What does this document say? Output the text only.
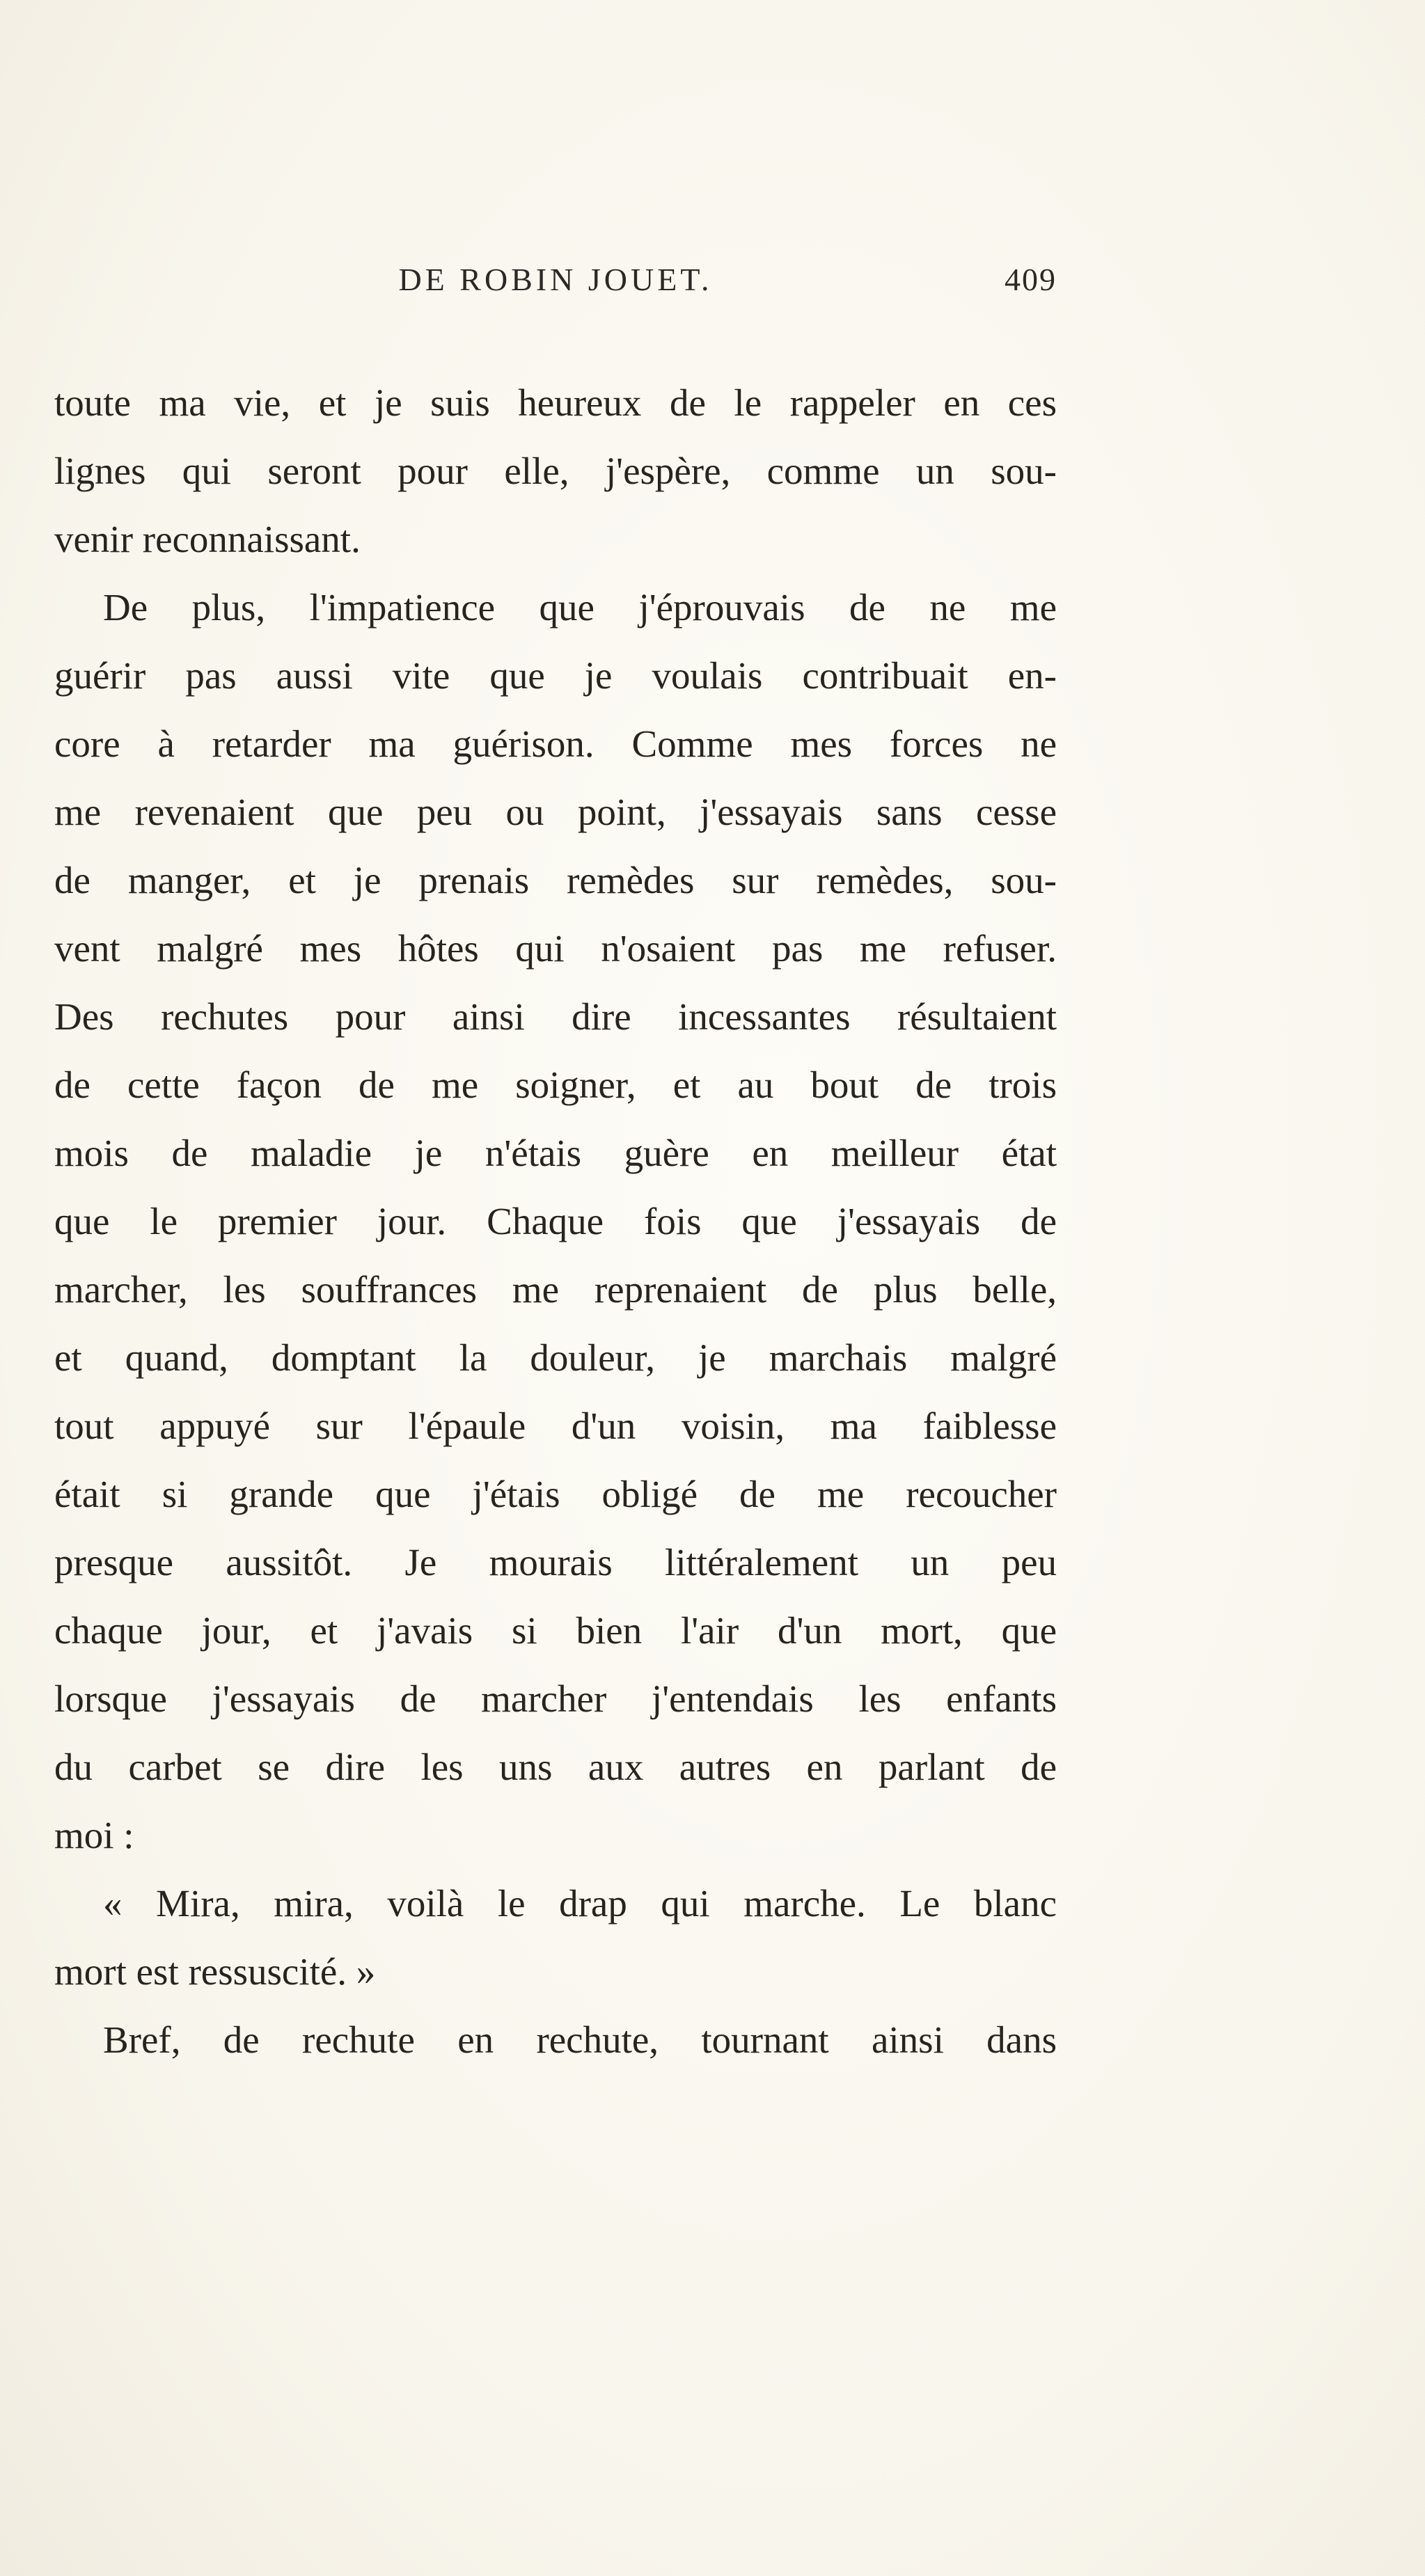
DE ROBIN JOUET.	409
toute ma vie, et je suis heureux de le rappeler en ces
lignes qui seront pour elle, j'espère, comme un sou-
venir reconnaissant.
De plus, l'impatience que j'éprouvais de ne me
guérir pas aussi vite que je voulais contribuait en-
core à retarder ma guérison. Comme mes forces ne
me revenaient que peu ou point, j'essayais sans cesse
de manger, et je prenais remèdes sur remèdes, sou-
vent malgré mes hôtes qui n'osaient pas me refuser.
Des rechutes pour ainsi dire incessantes résultaient
de cette façon de me soigner, et au bout de trois
mois de maladie je n'étais guère en meilleur état
que le premier jour. Chaque fois que j'essayais de
marcher, les souffrances me reprenaient de plus belle,
et quand, domptant la douleur, je marchais malgré
tout appuyé sur l'épaule d'un voisin, ma faiblesse
était si grande que j'étais obligé de me recoucher
presque aussitôt. Je mourais littéralement un peu
chaque jour, et j'avais si bien l'air d'un mort, que
lorsque j'essayais de marcher j'entendais les enfants
du carbet se dire les uns aux autres en parlant de
moi :
« Mira, mira, voilà le drap qui marche. Le blanc
mort est ressuscité. »
Bref, de rechute en rechute, tournant ainsi dans
